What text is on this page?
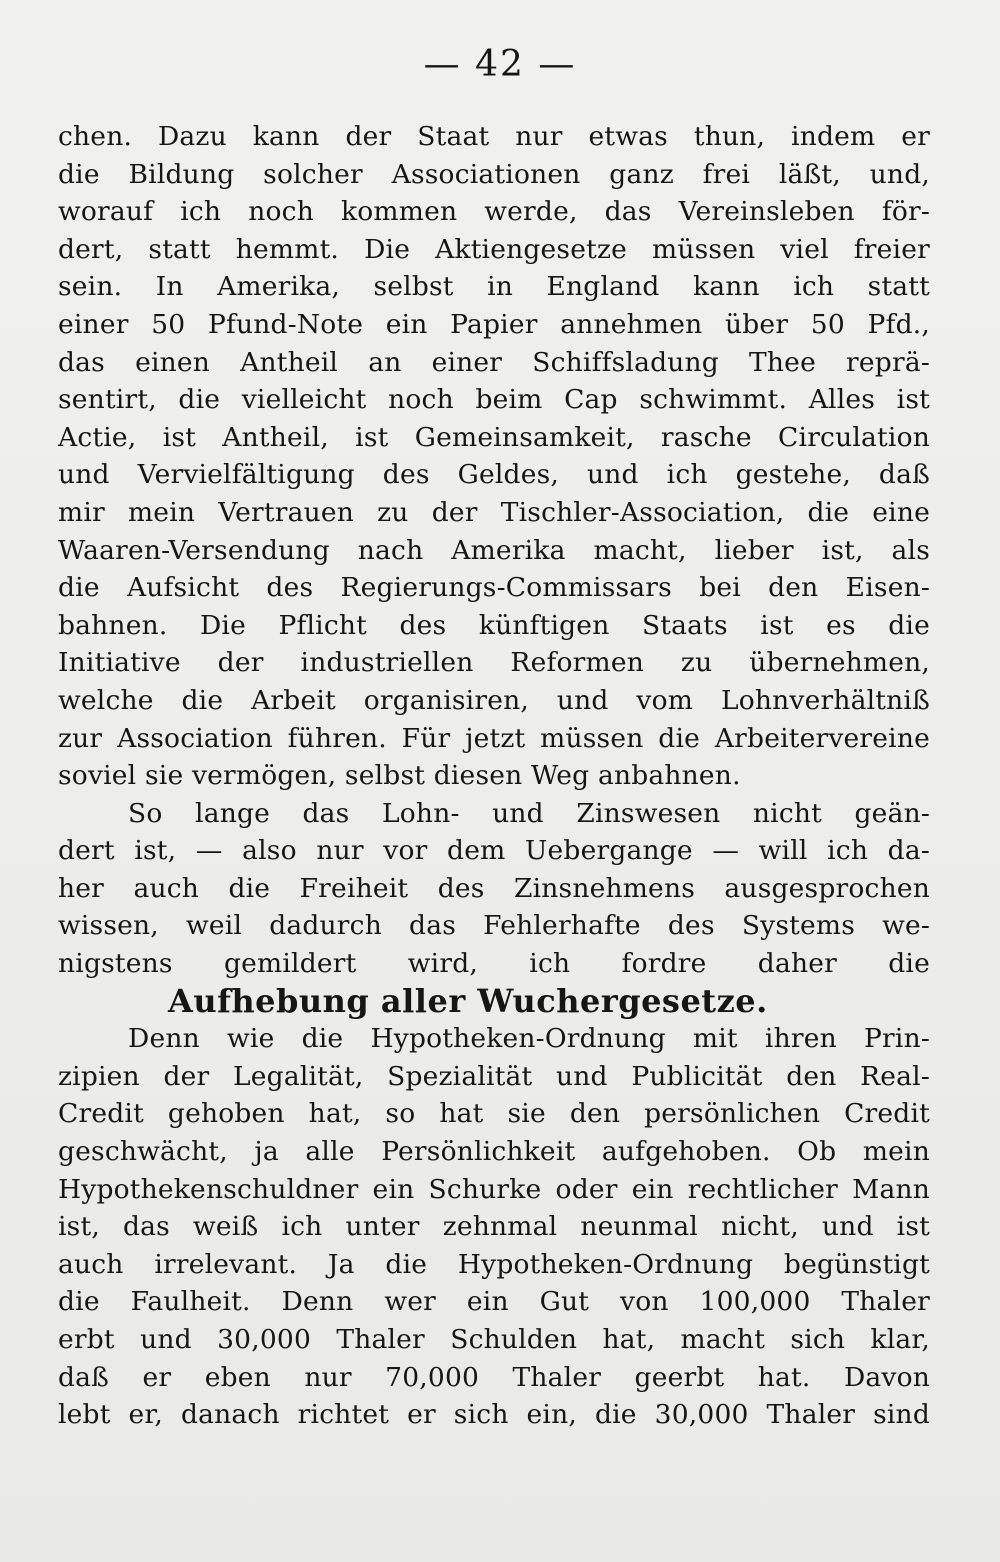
— 42 —
chen. Dazu kann der Staat nur etwas thun, indem er
die Bildung solcher Associationen ganz frei läßt, und,
worauf ich noch kommen werde, das Vereinsleben för-
dert, statt hemmt. Die Aktiengesetze müssen viel freier
sein. In Amerika, selbst in England kann ich statt
einer 50 Pfund-Note ein Papier annehmen über 50 Pfd.,
das einen Antheil an einer Schiffsladung Thee reprä-
sentirt, die vielleicht noch beim Cap schwimmt. Alles ist
Actie, ist Antheil, ist Gemeinsamkeit, rasche Circulation
und Vervielfältigung des Geldes, und ich gestehe, daß
mir mein Vertrauen zu der Tischler-Association, die eine
Waaren-Versendung nach Amerika macht, lieber ist, als
die Aufsicht des Regierungs-Commissars bei den Eisen-
bahnen. Die Pflicht des künftigen Staats ist es die
Initiative der industriellen Reformen zu übernehmen,
welche die Arbeit organisiren, und vom Lohnverhältniß
zur Association führen. Für jetzt müssen die Arbeitervereine
soviel sie vermögen, selbst diesen Weg anbahnen.
So lange das Lohn- und Zinswesen nicht geän-
dert ist, — also nur vor dem Uebergange — will ich da-
her auch die Freiheit des Zinsnehmens ausgesprochen
wissen, weil dadurch das Fehlerhafte des Systems we-
nigstens gemildert wird, ich fordre daher die
Aufhebung aller Wuchergesetze.
Denn wie die Hypotheken-Ordnung mit ihren Prin-
zipien der Legalität, Spezialität und Publicität den Real-
Credit gehoben hat, so hat sie den persönlichen Credit
geschwächt, ja alle Persönlichkeit aufgehoben. Ob mein
Hypothekenschuldner ein Schurke oder ein rechtlicher Mann
ist, das weiß ich unter zehnmal neunmal nicht, und ist
auch irrelevant. Ja die Hypotheken-Ordnung begünstigt
die Faulheit. Denn wer ein Gut von 100,000 Thaler
erbt und 30,000 Thaler Schulden hat, macht sich klar,
daß er eben nur 70,000 Thaler geerbt hat. Davon
lebt er, danach richtet er sich ein, die 30,000 Thaler sind
